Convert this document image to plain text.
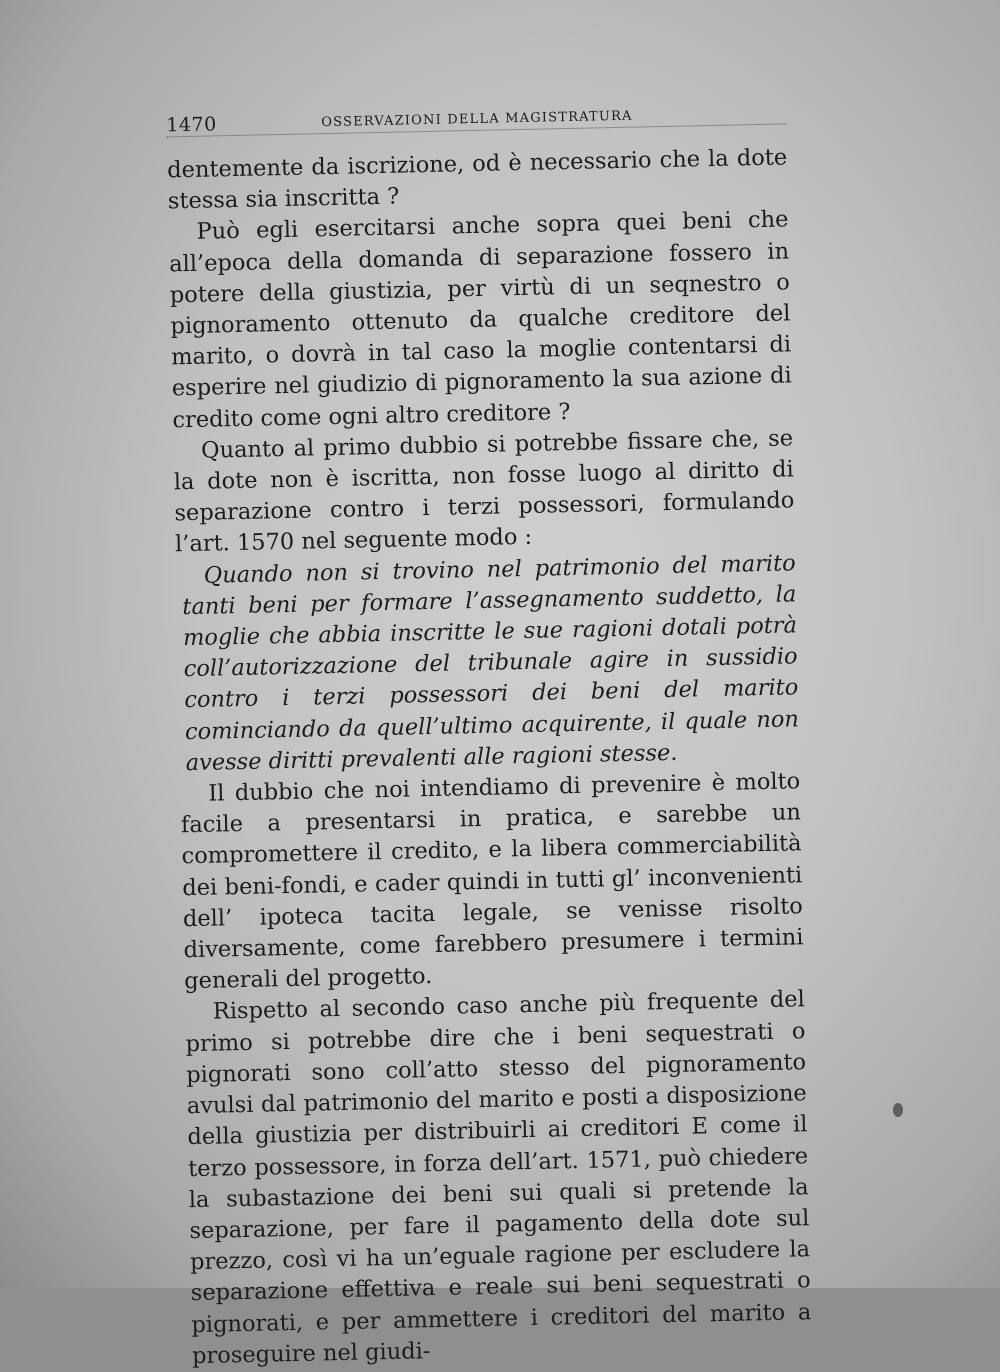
1470	OSSERVAZIONI DELLA MAGISTRATURA

dentemente da iscrizione, od è necessario che la dote stessa sia inscritta ?

Può egli esercitarsi anche sopra quei beni che all’epoca della domanda di separazione fossero in potere della giustizia, per virtù di un seqnestro o pignoramento ottenuto da qualche creditore del marito, o dovrà in tal caso la moglie contentarsi di esperire nel giudizio di pignoramento la sua azione di credito come ogni altro creditore ?

Quanto al primo dubbio si potrebbe fissare che, se la dote non è iscritta, non fosse luogo al diritto di separazione contro i terzi possessori, formulando l’art. 1570 nel seguente modo :

Quando non si trovino nel patrimonio del marito tanti beni per formare l’assegnamento suddetto, la moglie che abbia inscritte le sue ragioni dotali potrà coll’autorizzazione del tribunale agire in sussidio contro i terzi possessori dei beni del marito cominciando da quell’ultimo acquirente, il quale non avesse diritti prevalenti alle ragioni stesse.

Il dubbio che noi intendiamo di prevenire è molto facile a presentarsi in pratica, e sarebbe un compromettere il credito, e la libera commerciabilità dei beni-fondi, e cader quindi in tutti gl’ inconvenienti dell’ ipoteca tacita legale, se venisse risolto diversamente, come farebbero presumere i termini generali del progetto.

Rispetto al secondo caso anche più frequente del primo si potrebbe dire che i beni sequestrati o pignorati sono coll’atto stesso del pignoramento avulsi dal patrimonio del marito e posti a disposizione della giustizia per distribuirli ai creditori E come il terzo possessore, in forza dell’art. 1571, può chiedere la subastazione dei beni sui quali si pretende la separazione, per fare il pagamento della dote sul prezzo, così vi ha un’eguale ragione per escludere la separazione effettiva e reale sui beni sequestrati o pignorati, e per ammettere i creditori del marito a proseguire nel giudi-
